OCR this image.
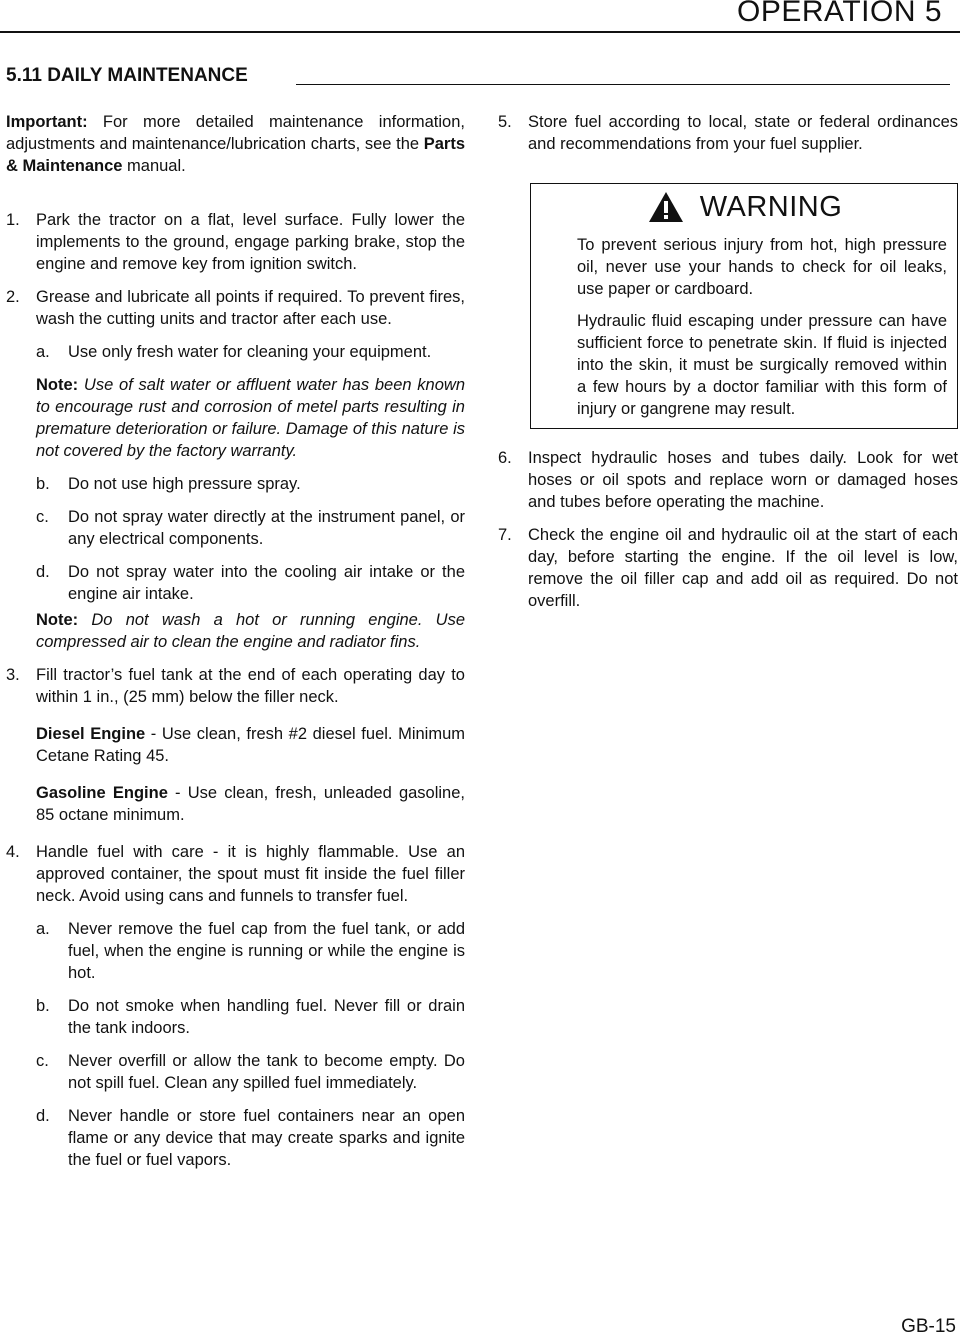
OPERATION 5
5.11 DAILY MAINTENANCE

Important: For more detailed maintenance information, adjustments and maintenance/lubrication charts, see the Parts & Maintenance manual.

1. Park the tractor on a flat, level surface. Fully lower the implements to the ground, engage parking brake, stop the engine and remove key from ignition switch.

2. Grease and lubricate all points if required. To prevent fires, wash the cutting units and tractor after each use.

a. Use only fresh water for cleaning your equipment.

Note: Use of salt water or affluent water has been known to encourage rust and corrosion of metel parts resulting in premature deterioration or failure. Damage of this nature is not covered by the factory warranty.

b. Do not use high pressure spray.

c. Do not spray water directly at the instrument panel, or any electrical components.

d. Do not spray water into the cooling air intake or the engine air intake.

Note: Do not wash a hot or running engine. Use compressed air to clean the engine and radiator fins.

3. Fill tractor’s fuel tank at the end of each operating day to within 1 in., (25 mm) below the filler neck.

Diesel Engine - Use clean, fresh #2 diesel fuel. Minimum Cetane Rating 45.

Gasoline Engine - Use clean, fresh, unleaded gasoline, 85 octane minimum.

4. Handle fuel with care - it is highly flammable. Use an approved container, the spout must fit inside the fuel filler neck. Avoid using cans and funnels to transfer fuel.

a. Never remove the fuel cap from the fuel tank, or add fuel, when the engine is running or while the engine is hot.

b. Do not smoke when handling fuel. Never fill or drain the tank indoors.

c. Never overfill or allow the tank to become empty. Do not spill fuel. Clean any spilled fuel immediately.

d. Never handle or store fuel containers near an open flame or any device that may create sparks and ignite the fuel or fuel vapors.

5. Store fuel according to local, state or federal ordinances and recommendations from your fuel supplier.

WARNING

To prevent serious injury from hot, high pressure oil, never use your hands to check for oil leaks, use paper or cardboard.

Hydraulic fluid escaping under pressure can have sufficient force to penetrate skin. If fluid is injected into the skin, it must be surgically removed within a few hours by a doctor familiar with this form of injury or gangrene may result.

6. Inspect hydraulic hoses and tubes daily. Look for wet hoses or oil spots and replace worn or damaged hoses and tubes before operating the machine.

7. Check the engine oil and hydraulic oil at the start of each day, before starting the engine. If the oil level is low, remove the oil filler cap and add oil as required. Do not overfill.

GB-15
